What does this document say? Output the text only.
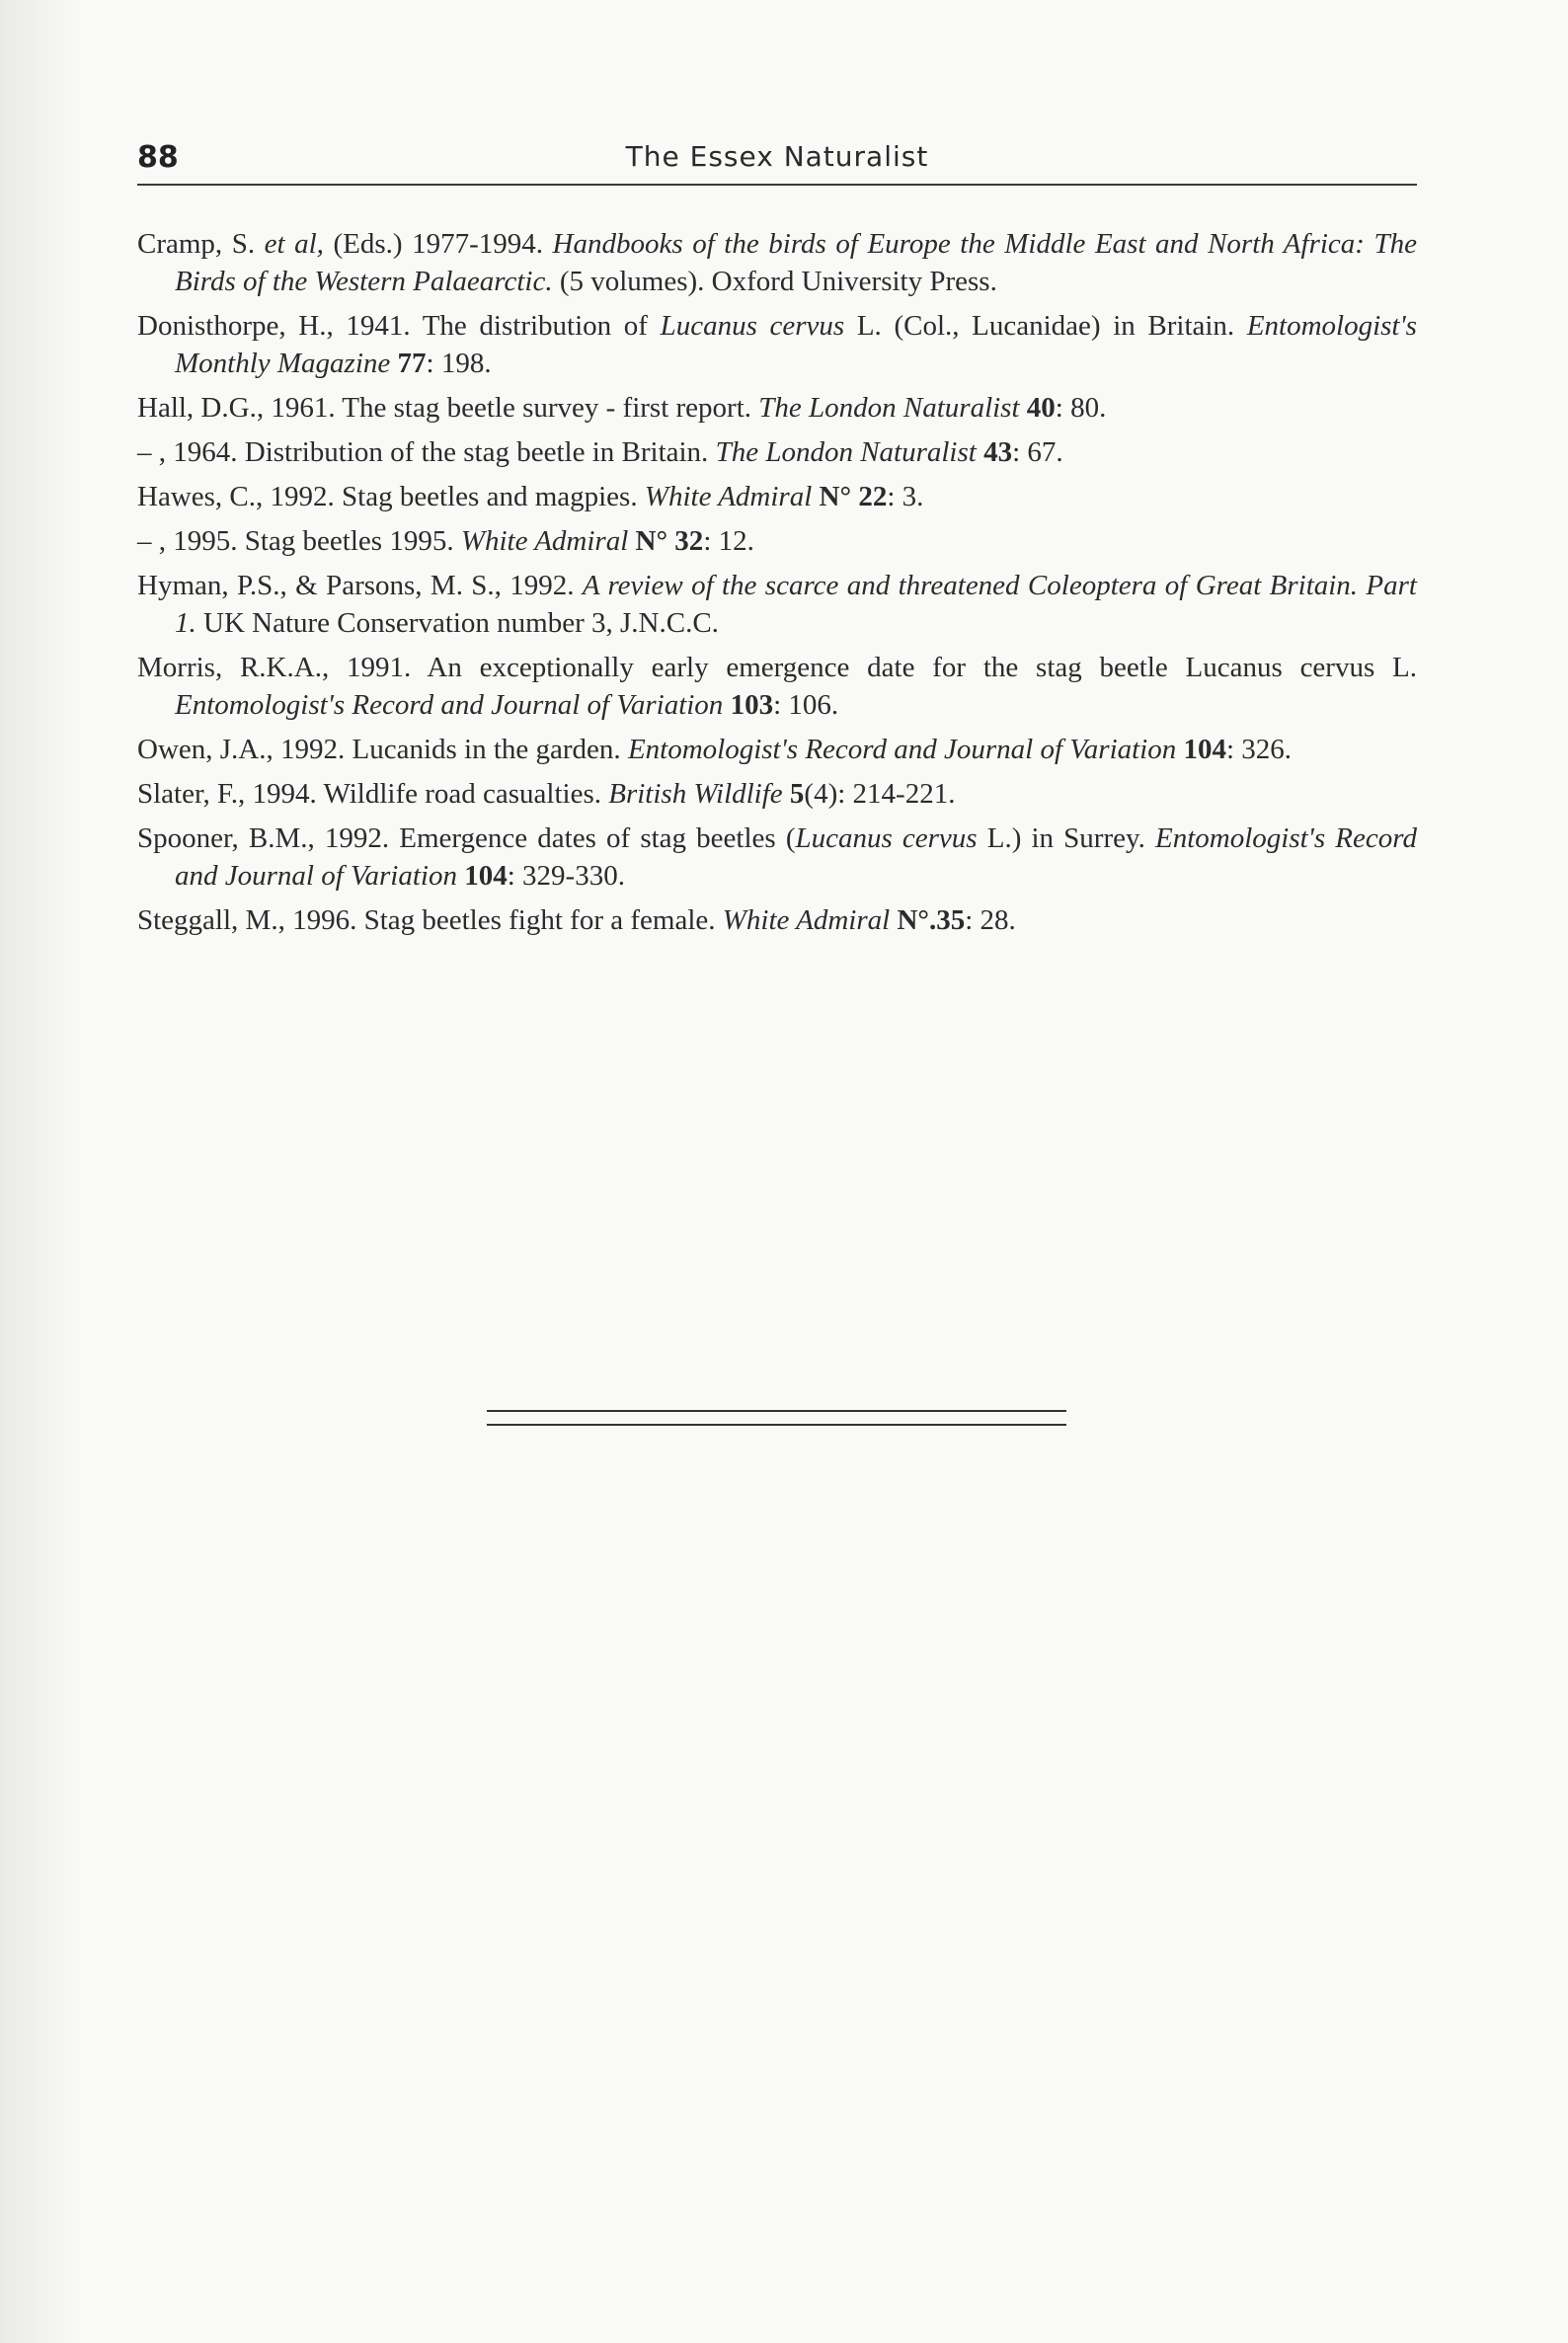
88	The Essex Naturalist

Cramp, S. et al, (Eds.) 1977-1994. Handbooks of the birds of Europe the Middle East and North Africa: The Birds of the Western Palaearctic. (5 volumes). Oxford University Press.

Donisthorpe, H., 1941. The distribution of Lucanus cervus L. (Col., Lucanidae) in Britain. Entomologist's Monthly Magazine 77: 198.

Hall, D.G., 1961. The stag beetle survey - first report. The London Naturalist 40: 80.

– , 1964. Distribution of the stag beetle in Britain. The London Naturalist 43: 67.

Hawes, C., 1992. Stag beetles and magpies. White Admiral N° 22: 3.

– , 1995. Stag beetles 1995. White Admiral N° 32: 12.

Hyman, P.S., & Parsons, M. S., 1992. A review of the scarce and threatened Coleoptera of Great Britain. Part 1. UK Nature Conservation number 3, J.N.C.C.

Morris, R.K.A., 1991. An exceptionally early emergence date for the stag beetle Lucanus cervus L. Entomologist's Record and Journal of Variation 103: 106.

Owen, J.A., 1992. Lucanids in the garden. Entomologist's Record and Journal of Variation 104: 326.

Slater, F., 1994. Wildlife road casualties. British Wildlife 5(4): 214-221.

Spooner, B.M., 1992. Emergence dates of stag beetles (Lucanus cervus L.) in Surrey. Entomologist's Record and Journal of Variation 104: 329-330.

Steggall, M., 1996. Stag beetles fight for a female. White Admiral N°.35: 28.
